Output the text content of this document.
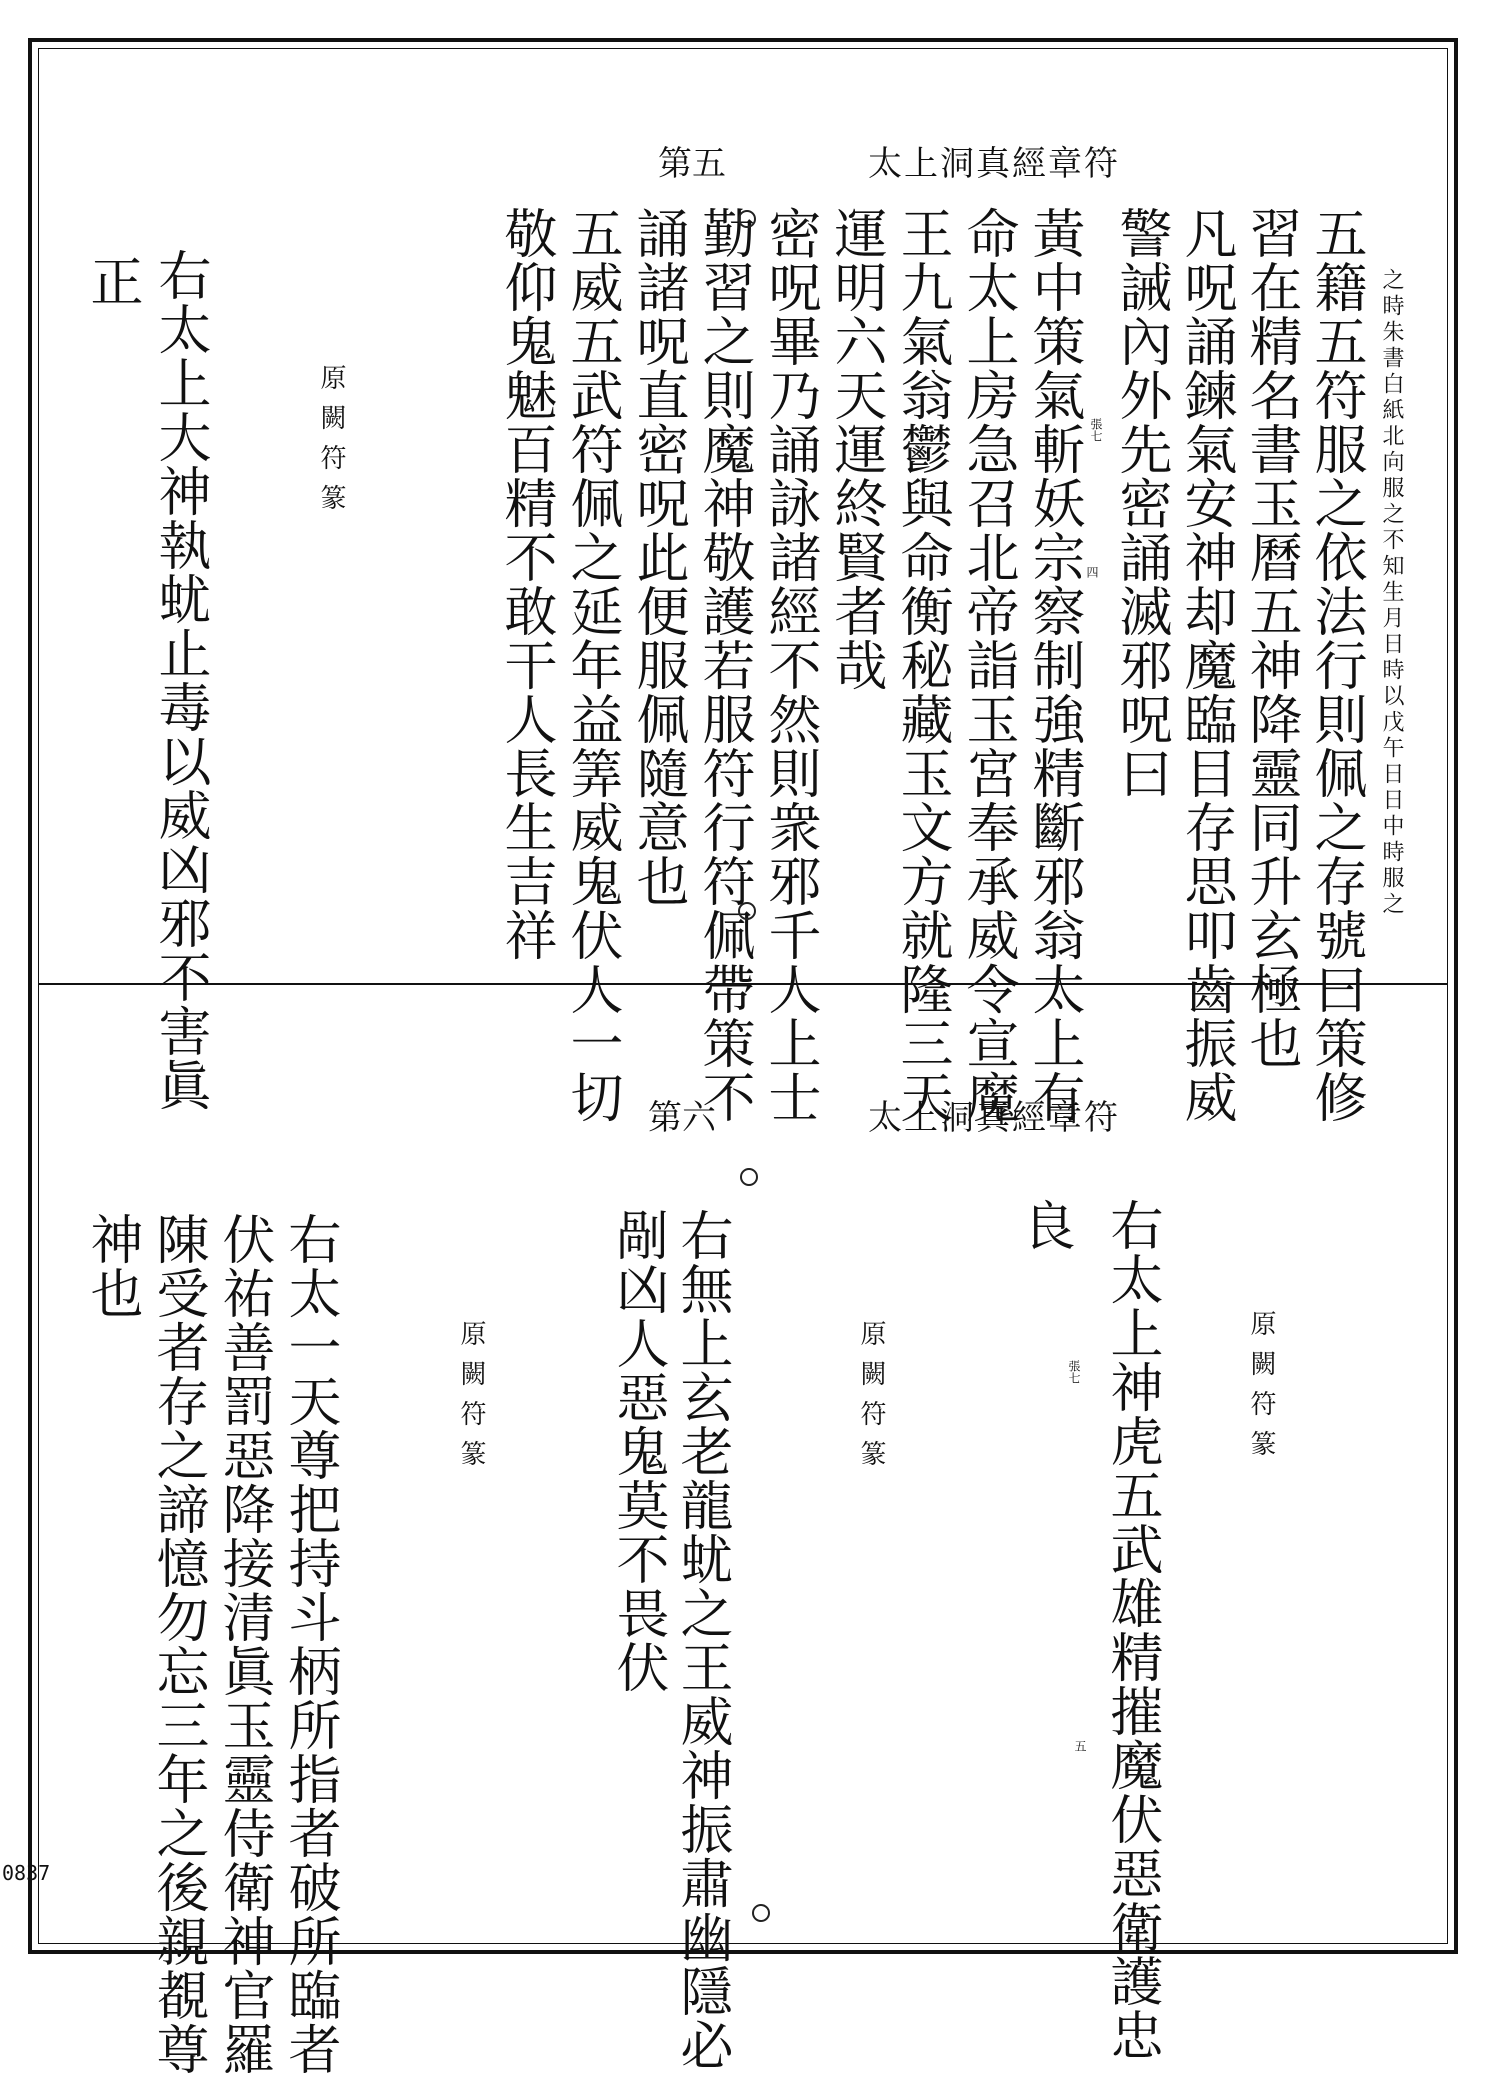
0837
太上洞真經章符
第五
之時朱書白紙北向服之不知生月日時以戊午日日中時服之
五籍五符服之依法行則佩之存號曰策修
習在精名書玉曆五神降靈同升玄極也
凡呪誦鍊氣安神却魔臨目存思叩齒振威
警誡內外先密誦滅邪呪曰
黃中策氣斬妖宗察制強精斷邪翁太上有
命太上房急召北帝詣玉宮奉承威令宣魔
王九氣翁鬱與命衡秘藏玉文方就隆三天
運明六天運終賢者哉
密呪畢乃誦詠諸經不然則衆邪千人上士
勤習之則魔神敬護若服符行符佩帶策不
誦諸呪直密呪此便服佩隨意也
五威五武符佩之延年益筭威鬼伏人一切
敬仰鬼魅百精不敢干人長生吉祥	張七
四
原闕符篆
右太上大神執蚘止毒以威凶邪不害眞
正
太上洞真經章符
第六
原闕符篆
右太上神虎五武雄精摧魔伏惡衛護忠
良
張七
五
原闕符篆
右無上玄老龍蚘之王威神振肅幽隱必
剮凶人惡鬼莫不畏伏
原闕符篆
右太一天尊把持斗柄所指者破所臨者
伏祐善罰惡降接清眞玉靈侍衛神官羅
陳受者存之諦憶勿忘三年之後親覩尊
神也
